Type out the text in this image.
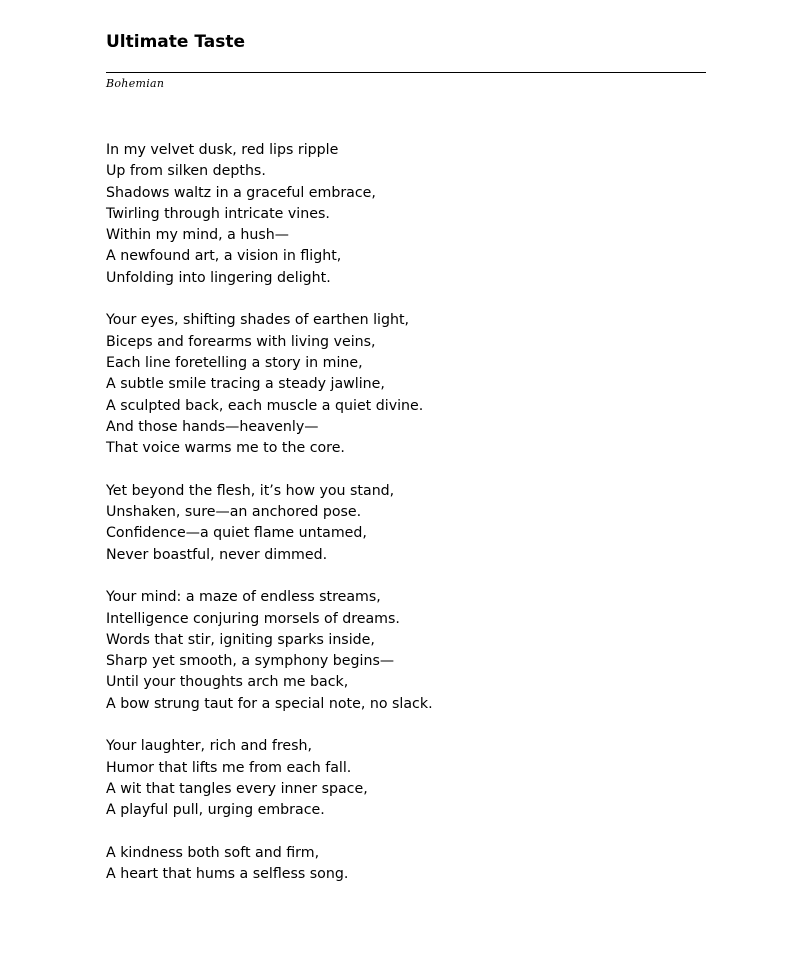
Ultimate Taste
Bohemian
In my velvet dusk, red lips ripple
Up from silken depths.
Shadows waltz in a graceful embrace,
Twirling through intricate vines.
Within my mind, a hush—
A newfound art, a vision in flight,
Unfolding into lingering delight.
Your eyes, shifting shades of earthen light,
Biceps and forearms with living veins,
Each line foretelling a story in mine,
A subtle smile tracing a steady jawline,
A sculpted back, each muscle a quiet divine.
And those hands—heavenly—
That voice warms me to the core.
Yet beyond the flesh, it’s how you stand,
Unshaken, sure—an anchored pose.
Confidence—a quiet flame untamed,
Never boastful, never dimmed.
Your mind: a maze of endless streams,
Intelligence conjuring morsels of dreams.
Words that stir, igniting sparks inside,
Sharp yet smooth, a symphony begins—
Until your thoughts arch me back,
A bow strung taut for a special note, no slack.
Your laughter, rich and fresh,
Humor that lifts me from each fall.
A wit that tangles every inner space,
A playful pull, urging embrace.
A kindness both soft and firm,
A heart that hums a selfless song.
